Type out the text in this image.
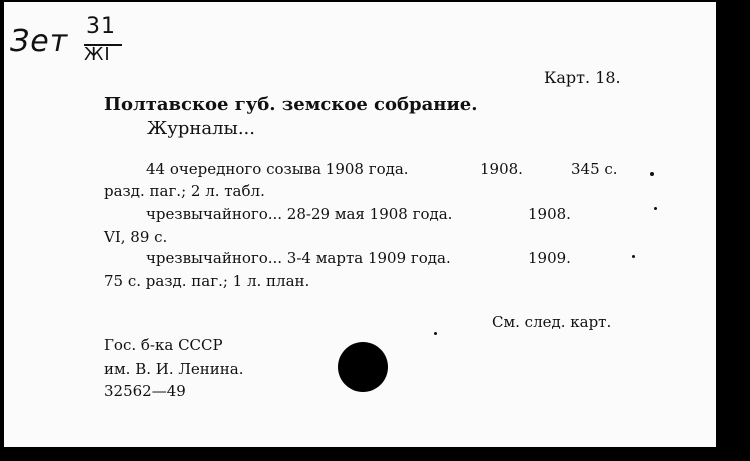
Зет 31
ЖI
Карт. 18.
Полтавское губ. земское собрание.
Журналы...
44 очередного созыва 1908 года.	1908.	345 с.
разд. паг.; 2 л. табл.
чрезвычайного... 28-29 мая 1908 года.	1908.
VI, 89 с.
чрезвычайного... 3-4 марта 1909 года.	1909.
75 с. разд. паг.; 1 л. план.
См. след. карт.
Гос. б-ка СССР
им. В. И. Ленина.
32562—49
